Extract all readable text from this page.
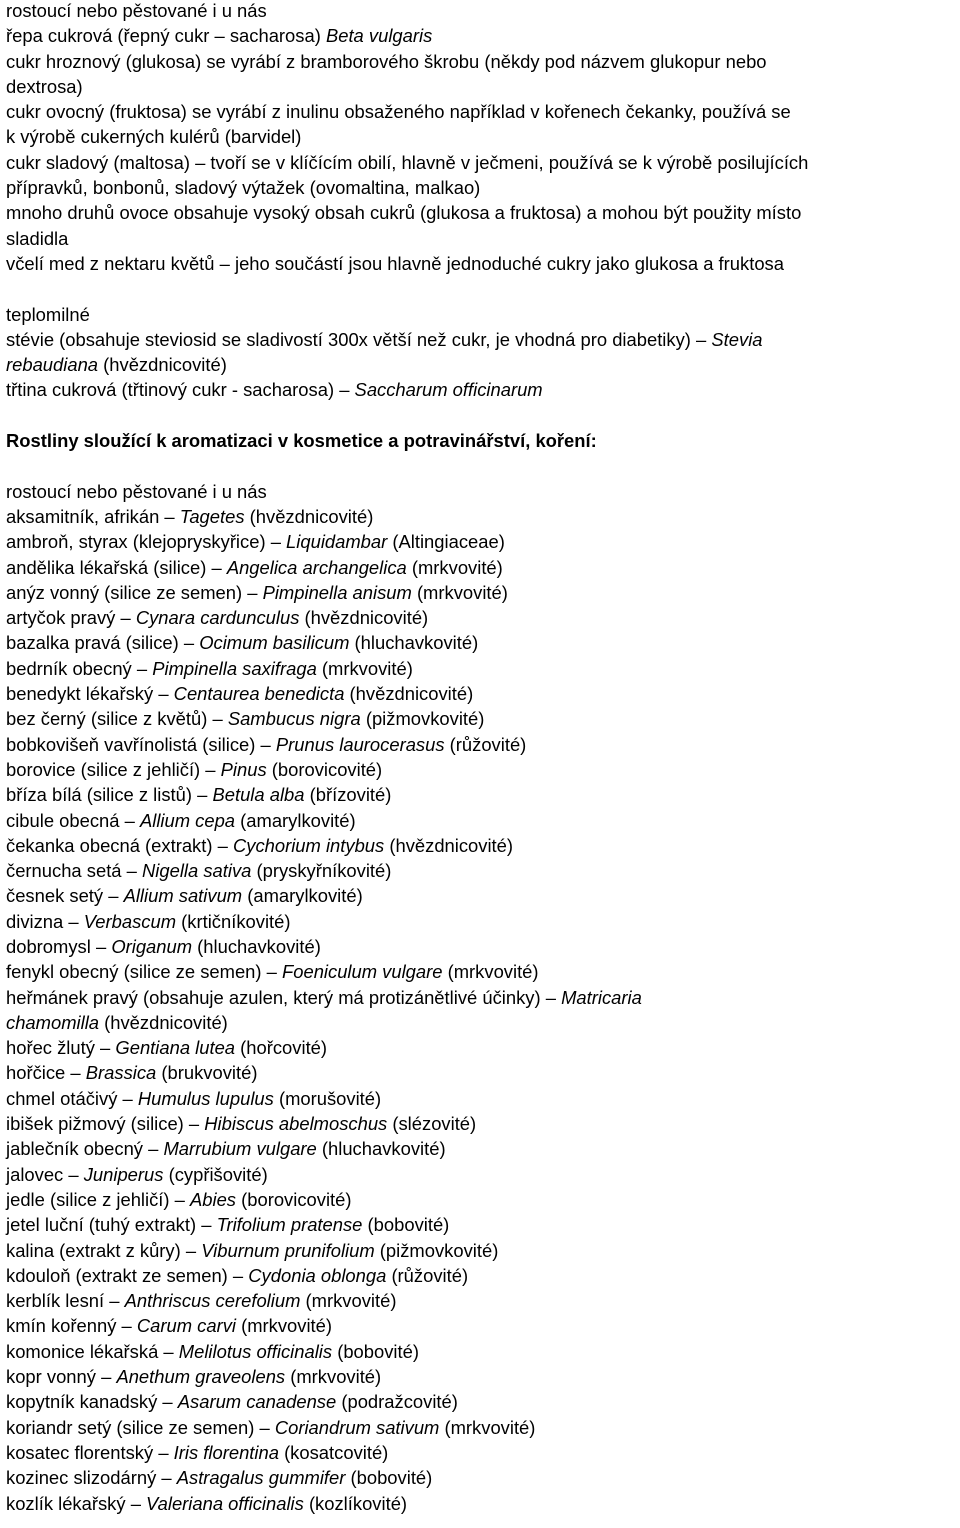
rostoucí nebo pěstované i u nás
řepa cukrová (řepný cukr – sacharosa) Beta vulgaris
cukr hroznový (glukosa) se vyrábí z bramborového škrobu (někdy pod názvem glukopur nebo
dextrosa)
cukr ovocný (fruktosa) se vyrábí z inulinu obsaženého například v kořenech čekanky, používá se
k výrobě cukerných kulérů (barvidel)
cukr sladový (maltosa) – tvoří se v klíčícím obilí, hlavně v ječmeni, používá se k výrobě posilujících
přípravků, bonbonů, sladový výtažek (ovomaltina, malkao)
mnoho druhů ovoce obsahuje vysoký obsah cukrů (glukosa a fruktosa) a mohou být použity místo
sladidla
včelí med z nektaru květů – jeho součástí jsou hlavně jednoduché cukry jako glukosa a fruktosa
teplomilné
stévie (obsahuje steviosid se sladivostí 300x větší než cukr, je vhodná pro diabetiky) – Stevia
rebaudiana (hvězdnicovité)
třtina cukrová (třtinový cukr - sacharosa) – Saccharum officinarum
Rostliny sloužící k aromatizaci v kosmetice a potravinářství, koření:
rostoucí nebo pěstované i u nás
aksamitník, afrikán – Tagetes (hvězdnicovité)
ambroň, styrax (klejopryskyřice) – Liquidambar (Altingiaceae)
andělika lékařská (silice) – Angelica archangelica (mrkvovité)
anýz vonný (silice ze semen) – Pimpinella anisum (mrkvovité)
artyčok pravý – Cynara cardunculus (hvězdnicovité)
bazalka pravá (silice) – Ocimum basilicum (hluchavkovité)
bedrník obecný – Pimpinella saxifraga (mrkvovité)
benedykt lékařský – Centaurea benedicta (hvězdnicovité)
bez černý (silice z květů) – Sambucus nigra (pižmovkovité)
bobkovišeň vavřínolistá (silice) – Prunus laurocerasus (růžovité)
borovice (silice z jehličí) – Pinus (borovicovité)
bříza bílá (silice z listů) – Betula alba (břízovité)
cibule obecná – Allium cepa (amarylkovité)
čekanka obecná (extrakt) – Cychorium intybus (hvězdnicovité)
černucha setá – Nigella sativa (pryskyřníkovité)
česnek setý – Allium sativum (amarylkovité)
divizna – Verbascum (krtičníkovité)
dobromysl – Origanum (hluchavkovité)
fenykl obecný (silice ze semen) – Foeniculum vulgare (mrkvovité)
heřmánek pravý (obsahuje azulen, který má protizánětlivé účinky) – Matricaria
chamomilla (hvězdnicovité)
hořec žlutý – Gentiana lutea (hořcovité)
hořčice – Brassica (brukvovité)
chmel otáčivý – Humulus lupulus (morušovité)
ibišek pižmový (silice) – Hibiscus abelmoschus (slézovité)
jablečník obecný – Marrubium vulgare (hluchavkovité)
jalovec – Juniperus (cypřišovité)
jedle (silice z jehličí) – Abies (borovicovité)
jetel luční (tuhý extrakt) – Trifolium pratense (bobovité)
kalina (extrakt z kůry) – Viburnum prunifolium (pižmovkovité)
kdouloň (extrakt ze semen) – Cydonia oblonga (růžovité)
kerblík lesní – Anthriscus cerefolium (mrkvovité)
kmín kořenný – Carum carvi (mrkvovité)
komonice lékařská – Melilotus officinalis (bobovité)
kopr vonný – Anethum graveolens (mrkvovité)
kopytník kanadský – Asarum canadense (podražcovité)
koriandr setý (silice ze semen) – Coriandrum sativum (mrkvovité)
kosatec florentský – Iris florentina (kosatcovité)
kozinec slizodárný – Astragalus gummifer (bobovité)
kozlík lékařský – Valeriana officinalis (kozlíkovité)
